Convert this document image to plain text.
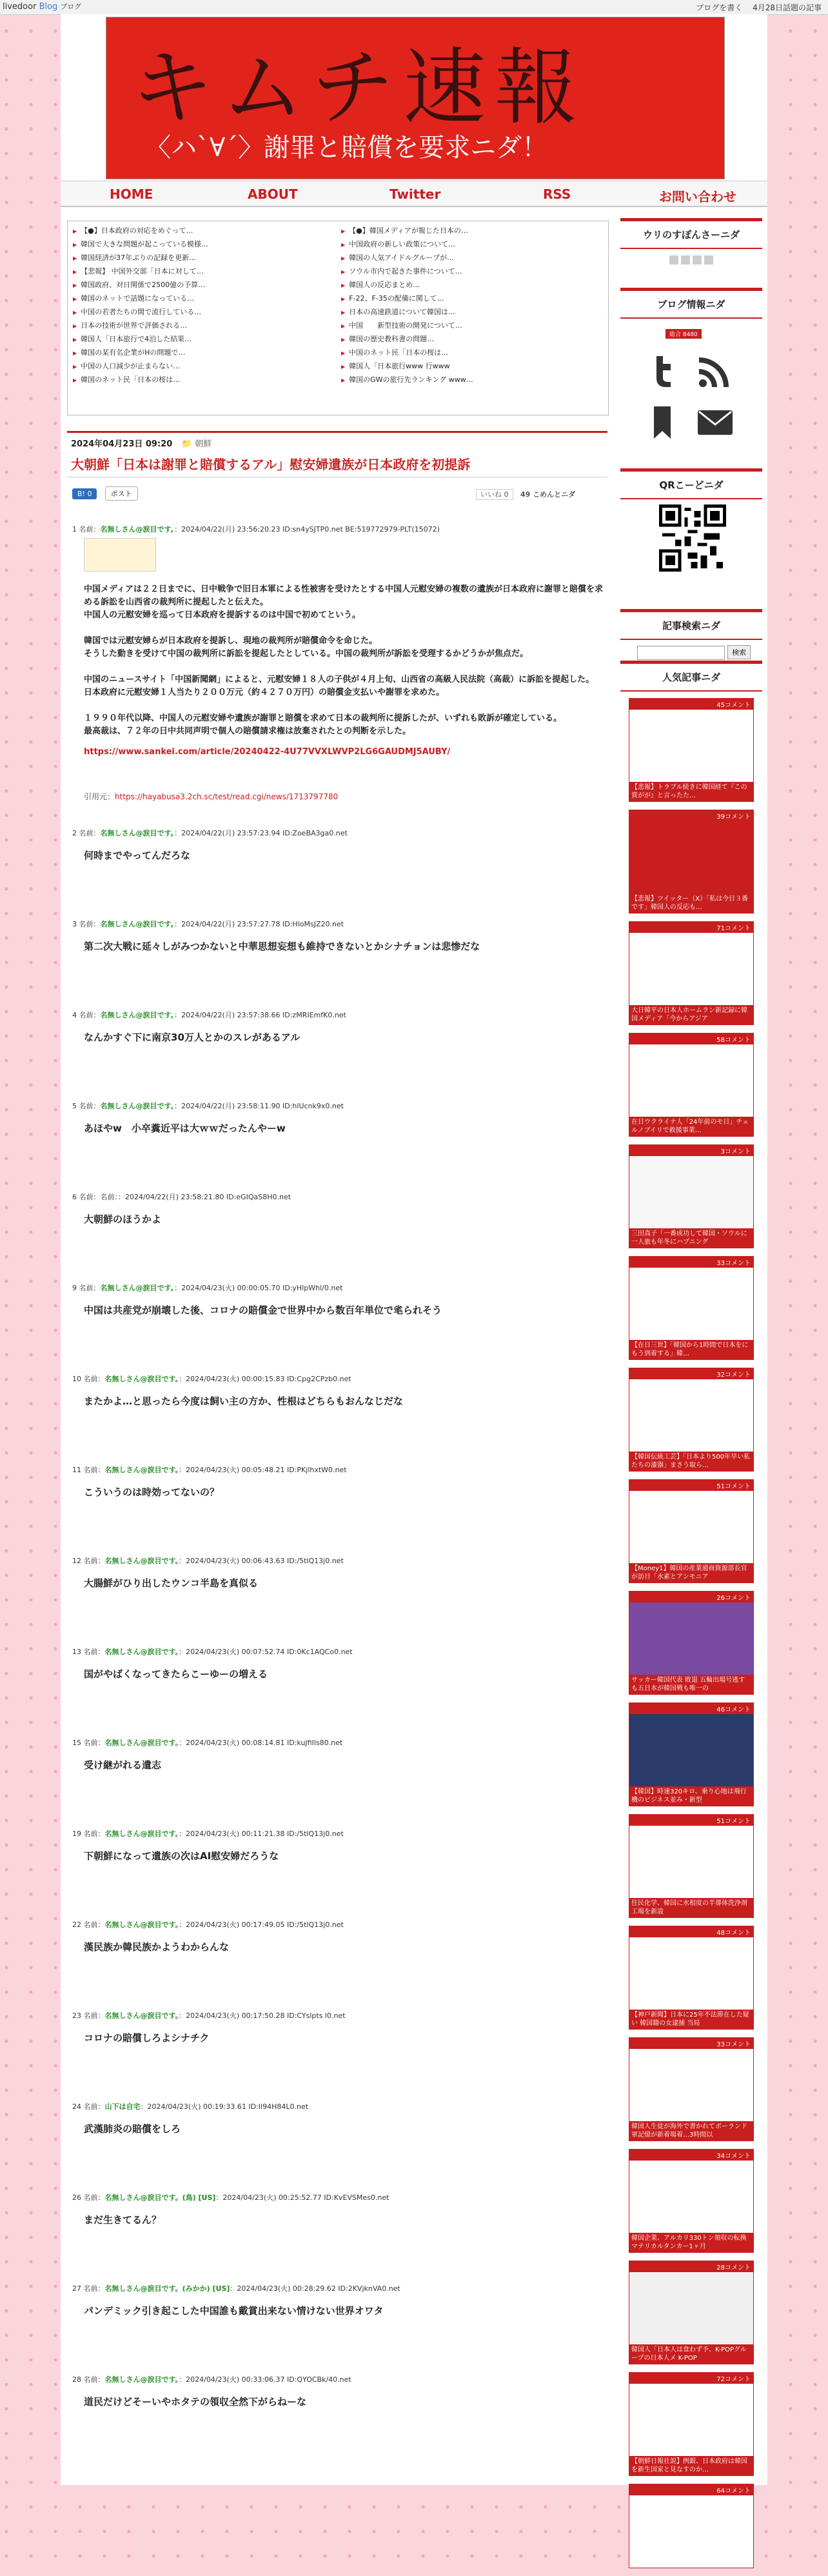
livedoor Blog ブログ	ブログを書く 4月28日話題の記事
キムチ速報
〈ハ`∀´〉謝罪と賠償を要求ニダ！
HOME	ABOUT	Twitter	RSS	お問い合わせ
▶ 【●】日本政府の対応をめぐって…
▶ 韓国で大きな問題が起こっている模様…
▶ 韓国経済が37年ぶりの記録を更新…
▶ 【悲報】 中国外交部「日本に対して…
▶ 韓国政府、対日関係で2500億の予算…
▶ 韓国のネットで話題になっている…
▶ 中国の若者たちの間で流行している…
▶ 日本の技術が世界で評価される…
▶ 韓国人「日本旅行で4泊した結果…
▶ 韓国の某有名企業がHの問題で…
▶ 中国の人口減少が止まらない…
▶ 韓国のネット民「日本の桜は…
▶ 【●】韓国メディアが報じた日本の…
▶ 中国政府の新しい政策について…
▶ 韓国の人気アイドルグループが…
▶ ソウル市内で起きた事件について…
▶ 韓国人の反応まとめ…
▶ F-22、F-35の配備に関して…
▶ 日本の高速鉄道について韓国は…
▶ 中国　　新型技術の開発について…
▶ 韓国の歴史教科書の問題…
▶ 中国のネット民「日本の桜は…
▶ 韓国人「日本旅行www 行www
▶ 韓国のGWの旅行先ランキング www…
2024年04月23日 09:20 📁 朝鮮
大朝鮮「日本は謝罪と賠償するアル」慰安婦遺族が日本政府を初提訴
B! 0	ポスト	いいね 0 49 こめんとニダ
1 名前：名無しさん@涙目です。：2024/04/22(月) 23:56:20.23 ID:sn4ySJTP0.net BE:519772979-PLT(15072)
中国メディアは２２日までに、日中戦争で旧日本軍による性被害を受けたとする中国人元慰安婦の複数の遺族が日本政府に謝罪と賠償を求める訴訟を山西省の裁判所に提起したと伝えた。
中国人の元慰安婦を巡って日本政府を提訴するのは中国で初めてという。
韓国では元慰安婦らが日本政府を提訴し、現地の裁判所が賠償命令を命じた。
そうした動きを受けて中国の裁判所に訴訟を提起したとしている。中国の裁判所が訴訟を受理するかどうかが焦点だ。
中国のニュースサイト「中国新聞網」によると、元慰安婦１８人の子供が４月上旬、山西省の高級人民法院（高裁）に訴訟を提起した。
日本政府に元慰安婦１人当たり２００万元（約４２７０万円）の賠償金支払いや謝罪を求めた。
１９９０年代以降、中国人の元慰安婦や遺族が謝罪と賠償を求めて日本の裁判所に提訴したが、いずれも敗訴が確定している。
最高裁は、７２年の日中共同声明で個人の賠償請求権は放棄されたとの判断を示した。
https://www.sankei.com/article/20240422-4U77VVXLWVP2LG6GAUDMJ5AUBY/
引用元：https://hayabusa3.2ch.sc/test/read.cgi/news/1713797780
2 名前：名無しさん@涙目です。：2024/04/22(月) 23:57:23.94 ID:ZoeBA3ga0.net
何時までやってんだろな
3 名前：名無しさん@涙目です。：2024/04/22(月) 23:57:27.78 ID:HloMsJZ20.net
第二次大戦に延々しがみつかないと中華思想妄想も維持できないとかシナチョンは悲惨だな
4 名前：名無しさん@涙目です。：2024/04/22(月) 23:57:38.66 ID:zMRIEmfK0.net
なんかすぐ下に南京30万人とかのスレがあるアル
5 名前：名無しさん@涙目です。：2024/04/22(月) 23:58:11.90 ID:hlUcnk9x0.net
あほやw　小卒糞近平は大ｗｗだったんやーw
6 名前：名前：：2024/04/22(月) 23:58:21.80 ID:eGIQaS8H0.net
大朝鮮のほうかよ
9 名前：名無しさん@涙目です。：2024/04/23(火) 00:00:05.70 ID:yHlpWhl/0.net
中国は共産党が崩壊した後、コロナの賠償金で世界中から数百年単位で毟られそう
10 名前：名無しさん@涙目です。：2024/04/23(火) 00:00:15.83 ID:Cpg2CPzb0.net
またかよ…と思ったら今度は飼い主の方か、性根はどちらもおんなじだな
11 名前：名無しさん@涙目です。：2024/04/23(火) 00:05:48.21 ID:PKjlhxtW0.net
こういうのは時効ってないの？
12 名前：名無しさん@涙目です。：2024/04/23(火) 00:06:43.63 ID:/5tlQ13j0.net
大腸鮮がひり出したウンコ半島を真似る
13 名前：名無しさん@涙目です。：2024/04/23(火) 00:07:52.74 ID:0Kc1AQCo0.net
国がやばくなってきたらこーゆーの増える
15 名前：名無しさん@涙目です。：2024/04/23(火) 00:08:14.81 ID:kuJfiIls80.net
受け継がれる遺志
19 名前：名無しさん@涙目です。：2024/04/23(火) 00:11:21.38 ID:/5tlQ13j0.net
下朝鮮になって遺族の次はAI慰安婦だろうな
22 名前：名無しさん@涙目です。：2024/04/23(火) 00:17:49.05 ID:/5tlQ13j0.net
漢民族か韓民族かようわからんな
23 名前：名無しさん@涙目です。：2024/04/23(火) 00:17:50.28 ID:CYslpts l0.net
コロナの賠償しろよシナチク
24 名前：山下は自宅：2024/04/23(火) 00:19:33.61 ID:Il94H84L0.net
武漢肺炎の賠償をしろ
26 名前：名無しさん@涙目です。(鳥) [US]：2024/04/23(火) 00:25:52.77 ID:KvEVSMes0.net
まだ生きてるん？
27 名前：名無しさん@涙目です。(みかか) [US]：2024/04/23(火) 00:28:29.62 ID:2KVjknVA0.net
パンデミック引き起こした中国誰も戴賞出来ない情けない世界オワタ
28 名前：名無しさん@涙目です。：2024/04/23(火) 00:33:06.37 ID:QYOCBk/40.net
道民だけどそーいやホタテの領収全然下がらねーな
ウリのすぽんさーニダ
ブログ情報ニダ
総合 8480
QRこーどニダ
記事検索ニダ
検索
人気記事ニダ
45コメント
【悲報】トラブル続きに韓国経て『この賞がが』と言ったた…
39コメント
【悲報】ツイッター（X）「私は今日３番です」韓国人の反応も…
71コメント
大日韓平の日本人ホームラン新記録に韓国メディア「今からアジア
58コメント
在日ウクライナ人「24年前のモ日」チェルノブイリで救援事業…
3コメント
三田真子「一番成功して韓国・ソウルに一人旅も年冬にハプニング
33コメント
【在日三世】「韓国から1時間で日本をにもう到着する」韓…
32コメント
【韓国伝統工芸】「日本より500年早い私たちの漆器」まさう取ら…
51コメント
【Money1】韓国の産業通商資源部長官が訪日「水素とアンモニア
26コメント
サッカー韓国代表 敗退 五輪出場号逃すも五日本が韓国戦も唯一の
46コメント
【韓国】時速320キロ、乗り心地は飛行機のビジネス並み・新型
51コメント
住民化学、韓国に水相度の半導体洗浄剤工場を新設
48コメント
【神戸新聞】日本に25年不法滞在した疑い 韓国籍の女逮捕 当局
33コメント
韓国人生徒が海外で書かれてポーランド軍記憶が新着場着…3時間以
34コメント
韓国企業、アルカリ330トン領収の転換マテリカルタンカー1ヶ月
28コメント
韓国人「日本人は食わず予、K-POPグループの日本人メ K-POP
72コメント
【朝鮮日報社説】例銀、日本政府は韓国を新生国家と見なすのか…
64コメント
